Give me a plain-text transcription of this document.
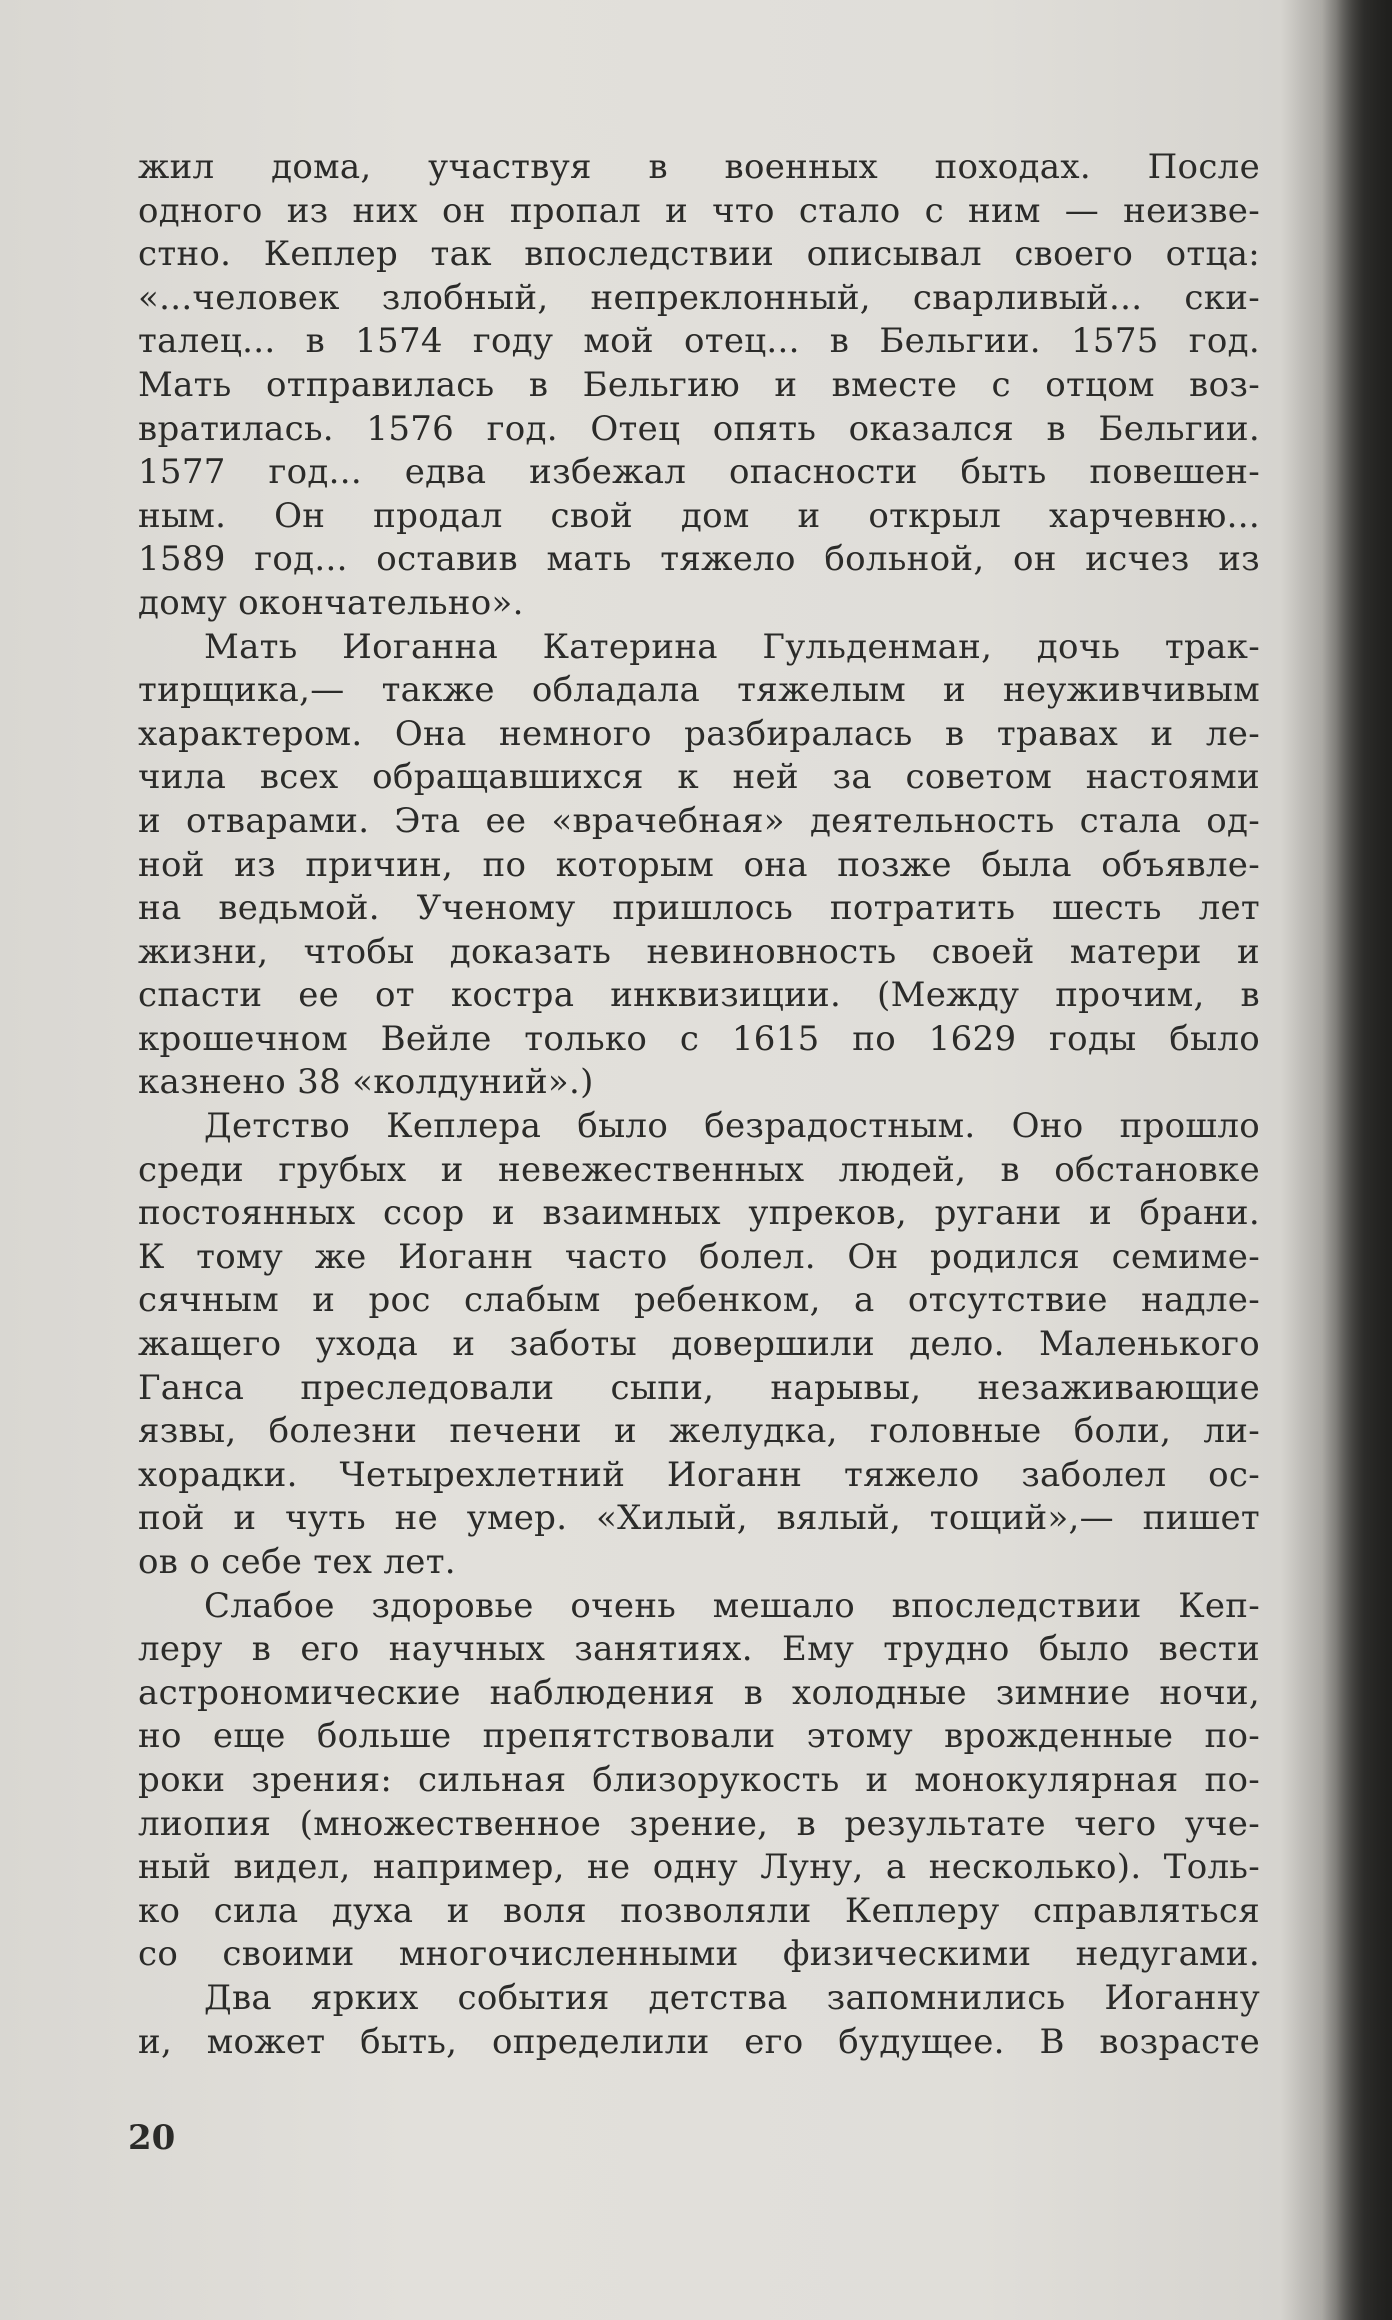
жил дома, участвуя в военных походах. После
одного из них он пропал и что стало с ним — неизве-
стно. Кеплер так впоследствии описывал своего отца:
«...человек злобный, непреклонный, сварливый... ски-
талец... в 1574 году мой отец... в Бельгии. 1575 год.
Мать отправилась в Бельгию и вместе с отцом воз-
вратилась. 1576 год. Отец опять оказался в Бельгии.
1577 год... едва избежал опасности быть повешен-
ным. Он продал свой дом и открыл харчевню...
1589 год... оставив мать тяжело больной, он исчез из
дому окончательно».
Мать Иоганна Катерина Гульденман, дочь трак-
тирщика,— также обладала тяжелым и неуживчивым
характером. Она немного разбиралась в травах и ле-
чила всех обращавшихся к ней за советом настоями
и отварами. Эта ее «врачебная» деятельность стала од-
ной из причин, по которым она позже была объявле-
на ведьмой. Ученому пришлось потратить шесть лет
жизни, чтобы доказать невиновность своей матери и
спасти ее от костра инквизиции. (Между прочим, в
крошечном Вейле только с 1615 по 1629 годы было
казнено 38 «колдуний».)
Детство Кеплера было безрадостным. Оно прошло
среди грубых и невежественных людей, в обстановке
постоянных ссор и взаимных упреков, ругани и брани.
К тому же Иоганн часто болел. Он родился семиме-
сячным и рос слабым ребенком, а отсутствие надле-
жащего ухода и заботы довершили дело. Маленького
Ганса преследовали сыпи, нарывы, незаживающие
язвы, болезни печени и желудка, головные боли, ли-
хорадки. Четырехлетний Иоганн тяжело заболел ос-
пой и чуть не умер. «Хилый, вялый, тощий»,— пишет
ов о себе тех лет.
Слабое здоровье очень мешало впоследствии Кеп-
леру в его научных занятиях. Ему трудно было вести
астрономические наблюдения в холодные зимние ночи,
но еще больше препятствовали этому врожденные по-
роки зрения: сильная близорукость и монокулярная по-
лиопия (множественное зрение, в результате чего уче-
ный видел, например, не одну Луну, а несколько). Толь-
ко сила духа и воля позволяли Кеплеру справляться
со своими многочисленными физическими недугами.
Два ярких события детства запомнились Иоганну
и, может быть, определили его будущее. В возрасте
20
